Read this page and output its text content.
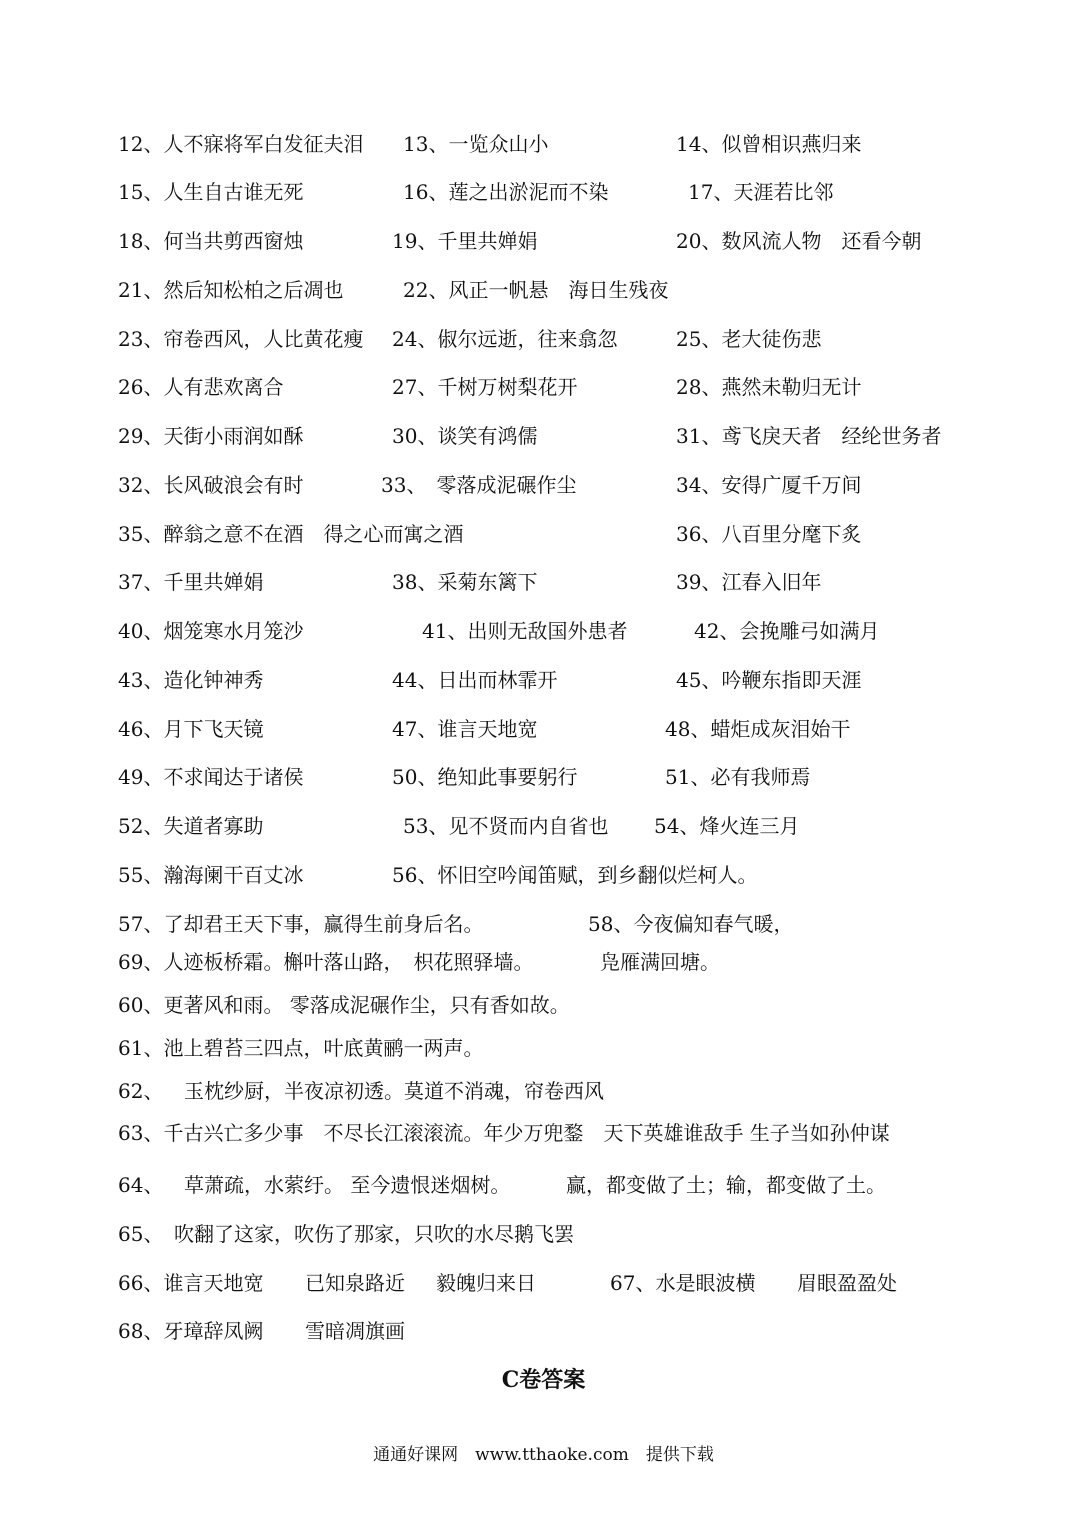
12、人不寐将军白发征夫泪 13、一览众山小	14、似曾相识燕归来
15、人生自古谁无死	16、莲之出淤泥而不染	17、天涯若比邻
18、何当共剪西窗烛	19、千里共婵娟	20、数风流人物　还看今朝
21、然后知松柏之后凋也	22、风正一帆悬　海日生残夜
23、帘卷西风，人比黄花瘦 24、俶尔远逝，往来翕忽	25、老大徒伤悲
26、人有悲欢离合	27、千树万树梨花开	28、燕然未勒归无计
29、天街小雨润如酥	30、谈笑有鸿儒	31、鸢飞戾天者　经纶世务者
32、长风破浪会有时	33、　零落成泥碾作尘	34、安得广厦千万间
35、醉翁之意不在酒　得之心而寓之酒	36、八百里分麾下炙
37、千里共婵娟	38、采菊东篱下	39、江春入旧年
40、烟笼寒水月笼沙	41、出则无敌国外患者	42、会挽雕弓如满月
43、造化钟神秀	44、日出而林霏开	45、吟鞭东指即天涯
46、月下飞天镜	47、谁言天地宽	48、蜡炬成灰泪始干
49、不求闻达于诸侯	50、绝知此事要躬行	51、必有我师焉
52、失道者寡助	53、见不贤而内自省也 54、烽火连三月
55、瀚海阑干百丈冰	56、怀旧空吟闻笛赋，到乡翻似烂柯人。
57、了却君王天下事，赢得生前身后名。	58、今夜偏知春气暖，
69、人迹板桥霜。槲叶落山路，　枳花照驿墙。	凫雁满回塘。
60、更著风和雨。 零落成泥碾作尘，只有香如故。
61、池上碧苔三四点，叶底黄鹂一两声。
62、 玉枕纱厨，半夜凉初透。莫道不消魂，帘卷西风
63、千古兴亡多少事　不尽长江滚滚流。年少万兜鍪　天下英雄谁敌手 生子当如孙仲谋
64、 草萧疏，水萦纡。 至今遗恨迷烟树。	赢，都变做了土；输，都变做了土。
65、 吹翻了这家，吹伤了那家，只吹的水尽鹅飞罢
66、谁言天地宽 已知泉路近 毅魄归来日	67、水是眼波横 眉眼盈盈处
68、牙璋辞凤阙 雪暗凋旗画
C卷答案
通通好课网　www.tthaoke.com　提供下载
